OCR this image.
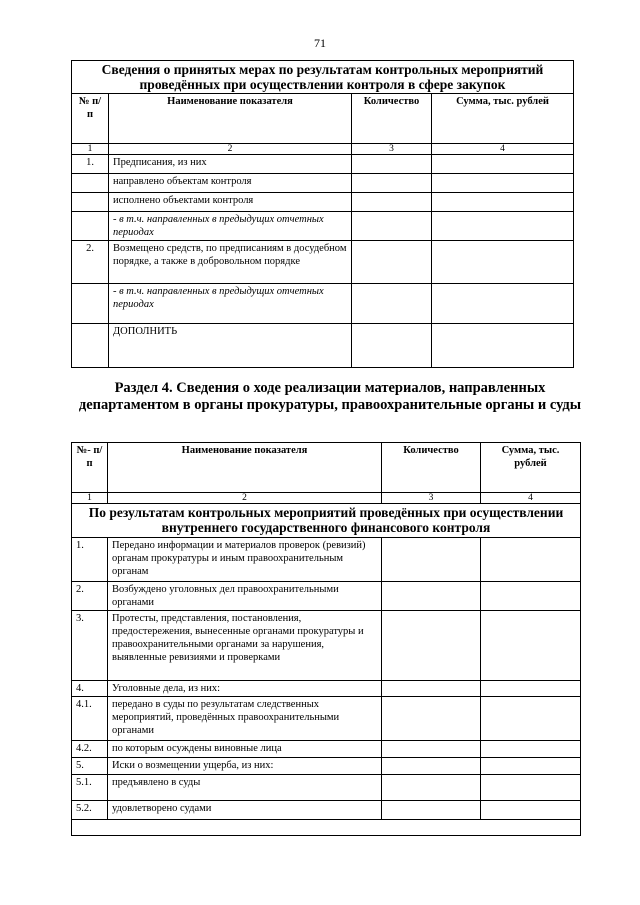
71
Сведения о принятых мерах по результатам контрольных мероприятий проведённых при осуществлении контроля в сфере закупок			
№ п/п	Наименование показателя	Количество	Сумма, тыс. рублей
1	2	3	4
1.	Предписания, из них		
	направлено объектам контроля		
	исполнено объектами контроля		
	- в т.ч. направленных в предыдущих отчетных периодах		
2.	Возмещено средств, по предписаниям в досудебном порядке, а также в добровольном порядке		
	- в т.ч. направленных в предыдущих отчетных периодах		
	ДОПОЛНИТЬ		
Раздел 4. Сведения о ходе реализации материалов, направленных департаментом в органы прокуратуры, правоохранительные органы и суды
№- п/п	Наименование показателя	Количество	Сумма, тыс. рублей
1	2	3	4
По результатам контрольных мероприятий проведённых при осуществлении внутреннего государственного финансового контроля			
1.	Передано информации и материалов проверок (ревизий) органам прокуратуры и иным правоохранительным органам		
2.	Возбуждено уголовных дел правоохранительными органами		
3.	Протесты, представления, постановления, предостережения, вынесенные органами прокуратуры и правоохранительными органами за нарушения, выявленные ревизиями и проверками		
4.	Уголовные дела, из них:		
4.1.	передано в суды по результатам следственных мероприятий, проведённых правоохранительными органами		
4.2.	по которым осуждены виновные лица		
5.	Иски о возмещении ущерба, из них:		
5.1.	предъявлено в суды		
5.2.	удовлетворено судами		
